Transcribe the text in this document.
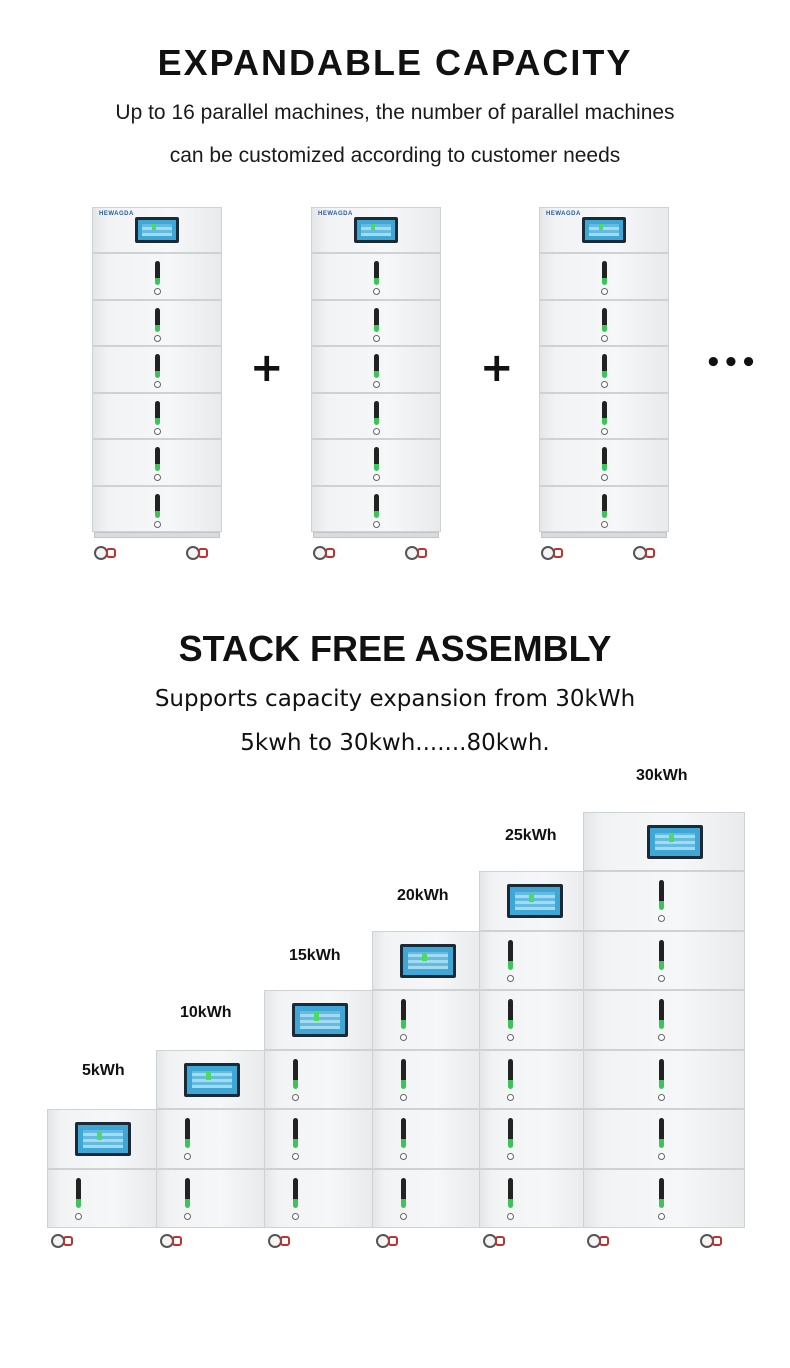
EXPANDABLE CAPACITY
Up to 16 parallel machines, the number of parallel machines
can be customized according to customer needs
HEWAGDA	HEWAGDA	HEWAGDA
+	+	•••
STACK FREE ASSEMBLY
Supports capacity expansion from 30kWh
5kwh to 30kwh.......80kwh.
5kWh
10kWh
15kWh
20kWh
25kWh
30kWh
